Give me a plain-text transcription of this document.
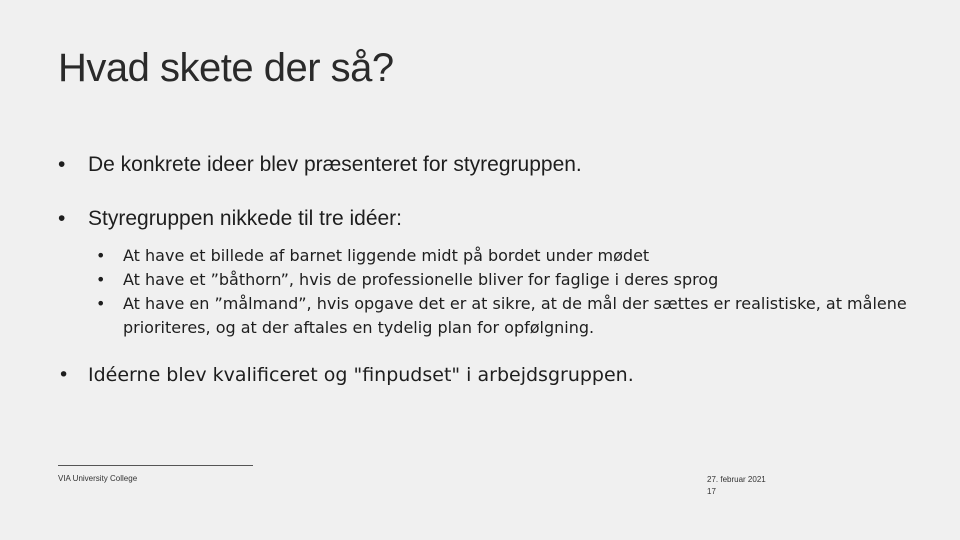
Hvad skete der så?
• De konkrete ideer blev præsenteret for styregruppen.
• Styregruppen nikkede til tre idéer:
•	At have et billede af barnet liggende midt på bordet under mødet
•	At have et ”båthorn”, hvis de professionelle bliver for faglige i deres sprog
•	At have en ”målmand”, hvis opgave det er at sikre, at de mål der sættes er realistiske, at målene prioriteres, og at der aftales en tydelig plan for opfølgning.
• Idéerne blev kvalificeret og "finpudset" i arbejdsgruppen.
VIA University College	27. februar 2021
17
